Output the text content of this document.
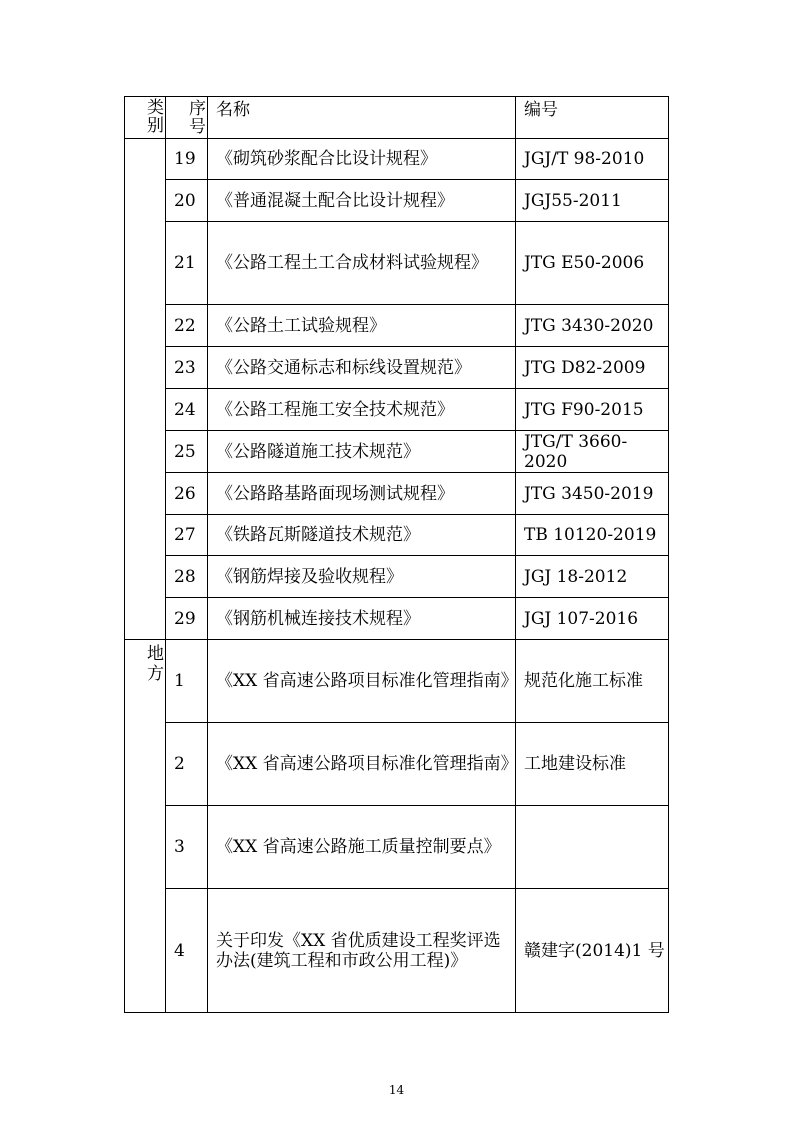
类别	序号	名称	编号
	19	《砌筑砂浆配合比设计规程》	JGJ/T 98-2010
	20	《普通混凝土配合比设计规程》	JGJ55-2011
	21	《公路工程土工合成材料试验规程》	JTG E50-2006
	22	《公路土工试验规程》	JTG 3430-2020
	23	《公路交通标志和标线设置规范》	JTG D82-2009
	24	《公路工程施工安全技术规范》	JTG F90-2015
	25	《公路隧道施工技术规范》	JTG/T 3660-2020
	26	《公路路基路面现场测试规程》	JTG 3450-2019
	27	《铁路瓦斯隧道技术规范》	TB 10120-2019
	28	《钢筋焊接及验收规程》	JGJ 18-2012
	29	《钢筋机械连接技术规程》	JGJ 107-2016

地方	1	《XX 省高速公路项目标准化管理指南》	规范化施工标准
	2	《XX 省高速公路项目标准化管理指南》	工地建设标准
	3	《XX 省高速公路施工质量控制要点》	
	4	关于印发《XX 省优质建设工程奖评选办法(建筑工程和市政公用工程)》	赣建字(2014)1 号
14
